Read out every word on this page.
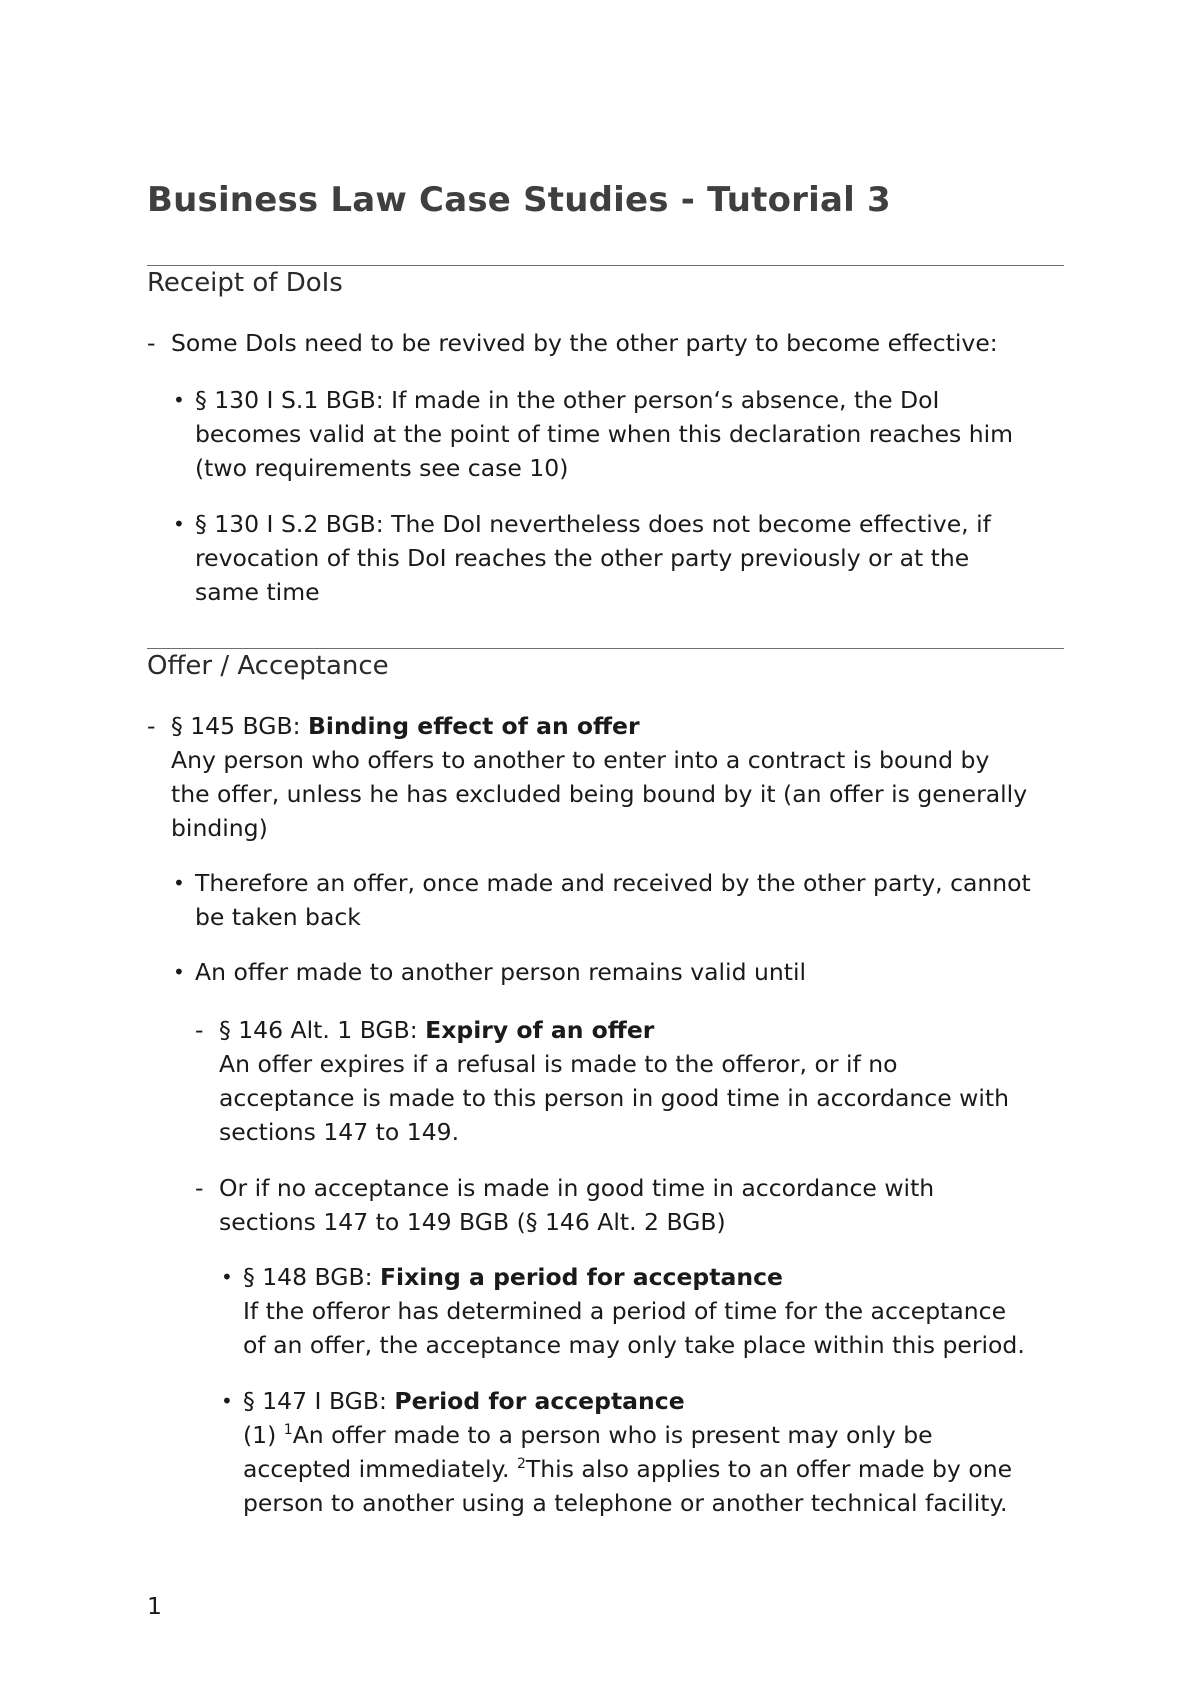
Business Law Case Studies - Tutorial 3
Receipt of DoIs
- Some DoIs need to be revived by the other party to become effective:
• § 130 I S.1 BGB: If made in the other person‘s absence, the DoI
becomes valid at the point of time when this declaration reaches him
(two requirements see case 10)
• § 130 I S.2 BGB: The DoI nevertheless does not become effective, if
revocation of this DoI reaches the other party previously or at the
same time
Offer / Acceptance
- § 145 BGB: Binding effect of an offer
Any person who offers to another to enter into a contract is bound by
the offer, unless he has excluded being bound by it (an offer is generally
binding)
• Therefore an offer, once made and received by the other party, cannot
be taken back
• An offer made to another person remains valid until
- § 146 Alt. 1 BGB: Expiry of an offer
An offer expires if a refusal is made to the offeror, or if no
acceptance is made to this person in good time in accordance with
sections 147 to 149.
- Or if no acceptance is made in good time in accordance with
sections 147 to 149 BGB (§ 146 Alt. 2 BGB)
• § 148 BGB: Fixing a period for acceptance
If the offeror has determined a period of time for the acceptance
of an offer, the acceptance may only take place within this period.
• § 147 I BGB: Period for acceptance
(1) $^1$An offer made to a person who is present may only be
accepted immediately. $^2$This also applies to an offer made by one
person to another using a telephone or another technical facility.
1
